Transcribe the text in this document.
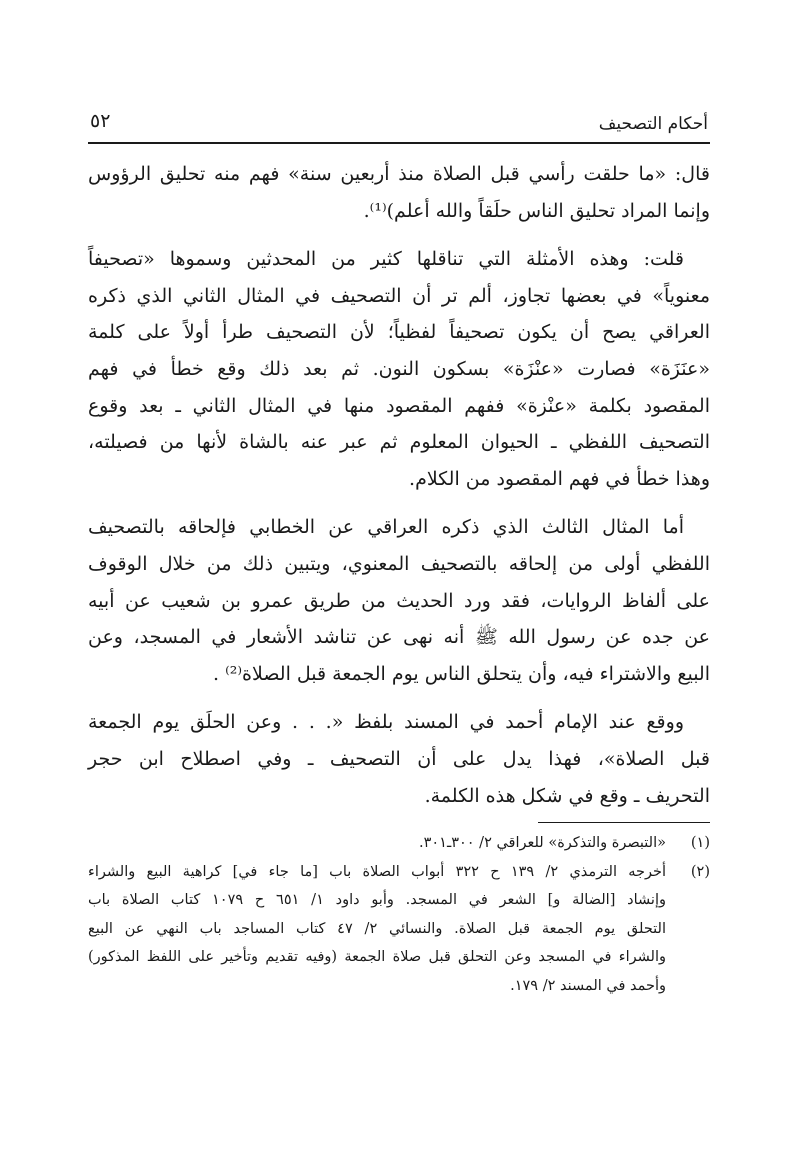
أحكام التصحيف
٥٢

قال: «ما حلقت رأسي قبل الصلاة منذ أربعين سنة» فهم منه تحليق الرؤوس
وإنما المراد تحليق الناس حلَقاً والله أعلم)⁽¹⁾.

قلت: وهذه الأمثلة التي تناقلها كثير من المحدثين وسموها «تصحيفاً
معنوياً» في بعضها تجاوز، ألم تر أن التصحيف في المثال الثاني الذي ذكره
العراقي يصح أن يكون تصحيفاً لفظياً؛ لأن التصحيف طرأ أولاً على كلمة
«عنَزَة» فصارت «عنْزَة» بسكون النون. ثم بعد ذلك وقع خطأ في فهم
المقصود بكلمة «عنْزة» ففهم المقصود منها في المثال الثاني ـ بعد وقوع
التصحيف اللفظي ـ الحيوان المعلوم ثم عبر عنه بالشاة لأنها من فصيلته،
وهذا خطأ في فهم المقصود من الكلام.

أما المثال الثالث الذي ذكره العراقي عن الخطابي فإلحاقه بالتصحيف
اللفظي أولى من إلحاقه بالتصحيف المعنوي، ويتبين ذلك من خلال الوقوف
على ألفاظ الروايات، فقد ورد الحديث من طريق عمرو بن شعيب عن أبيه
عن جده عن رسول الله ﷺ أنه نهى عن تناشد الأشعار في المسجد، وعن
البيع والاشتراء فيه، وأن يتحلق الناس يوم الجمعة قبل الصلاة⁽²⁾ .

ووقع عند الإمام أحمد في المسند بلفظ «. . . وعن الحلَق يوم الجمعة
قبل الصلاة»، فهذا يدل على أن التصحيف ـ وفي اصطلاح ابن حجر
التحريف ـ وقع في شكل هذه الكلمة.

(١)
«التبصرة والتذكرة» للعراقي ٢/ ٣٠٠ـ٣٠١.
(٢)
أخرجه الترمذي ٢/ ١٣٩ ح ٣٢٢ أبواب الصلاة باب [ما جاء في] كراهية البيع والشراء
وإنشاد [الضالة و] الشعر في المسجد. وأبو داود ١/ ٦٥١ ح ١٠٧٩ كتاب الصلاة باب
التحلق يوم الجمعة قبل الصلاة. والنسائي ٢/ ٤٧ كتاب المساجد باب النهي عن البيع
والشراء في المسجد وعن التحلق قبل صلاة الجمعة (وفيه تقديم وتأخير على اللفظ المذكور)
وأحمد في المسند ٢/ ١٧٩.
